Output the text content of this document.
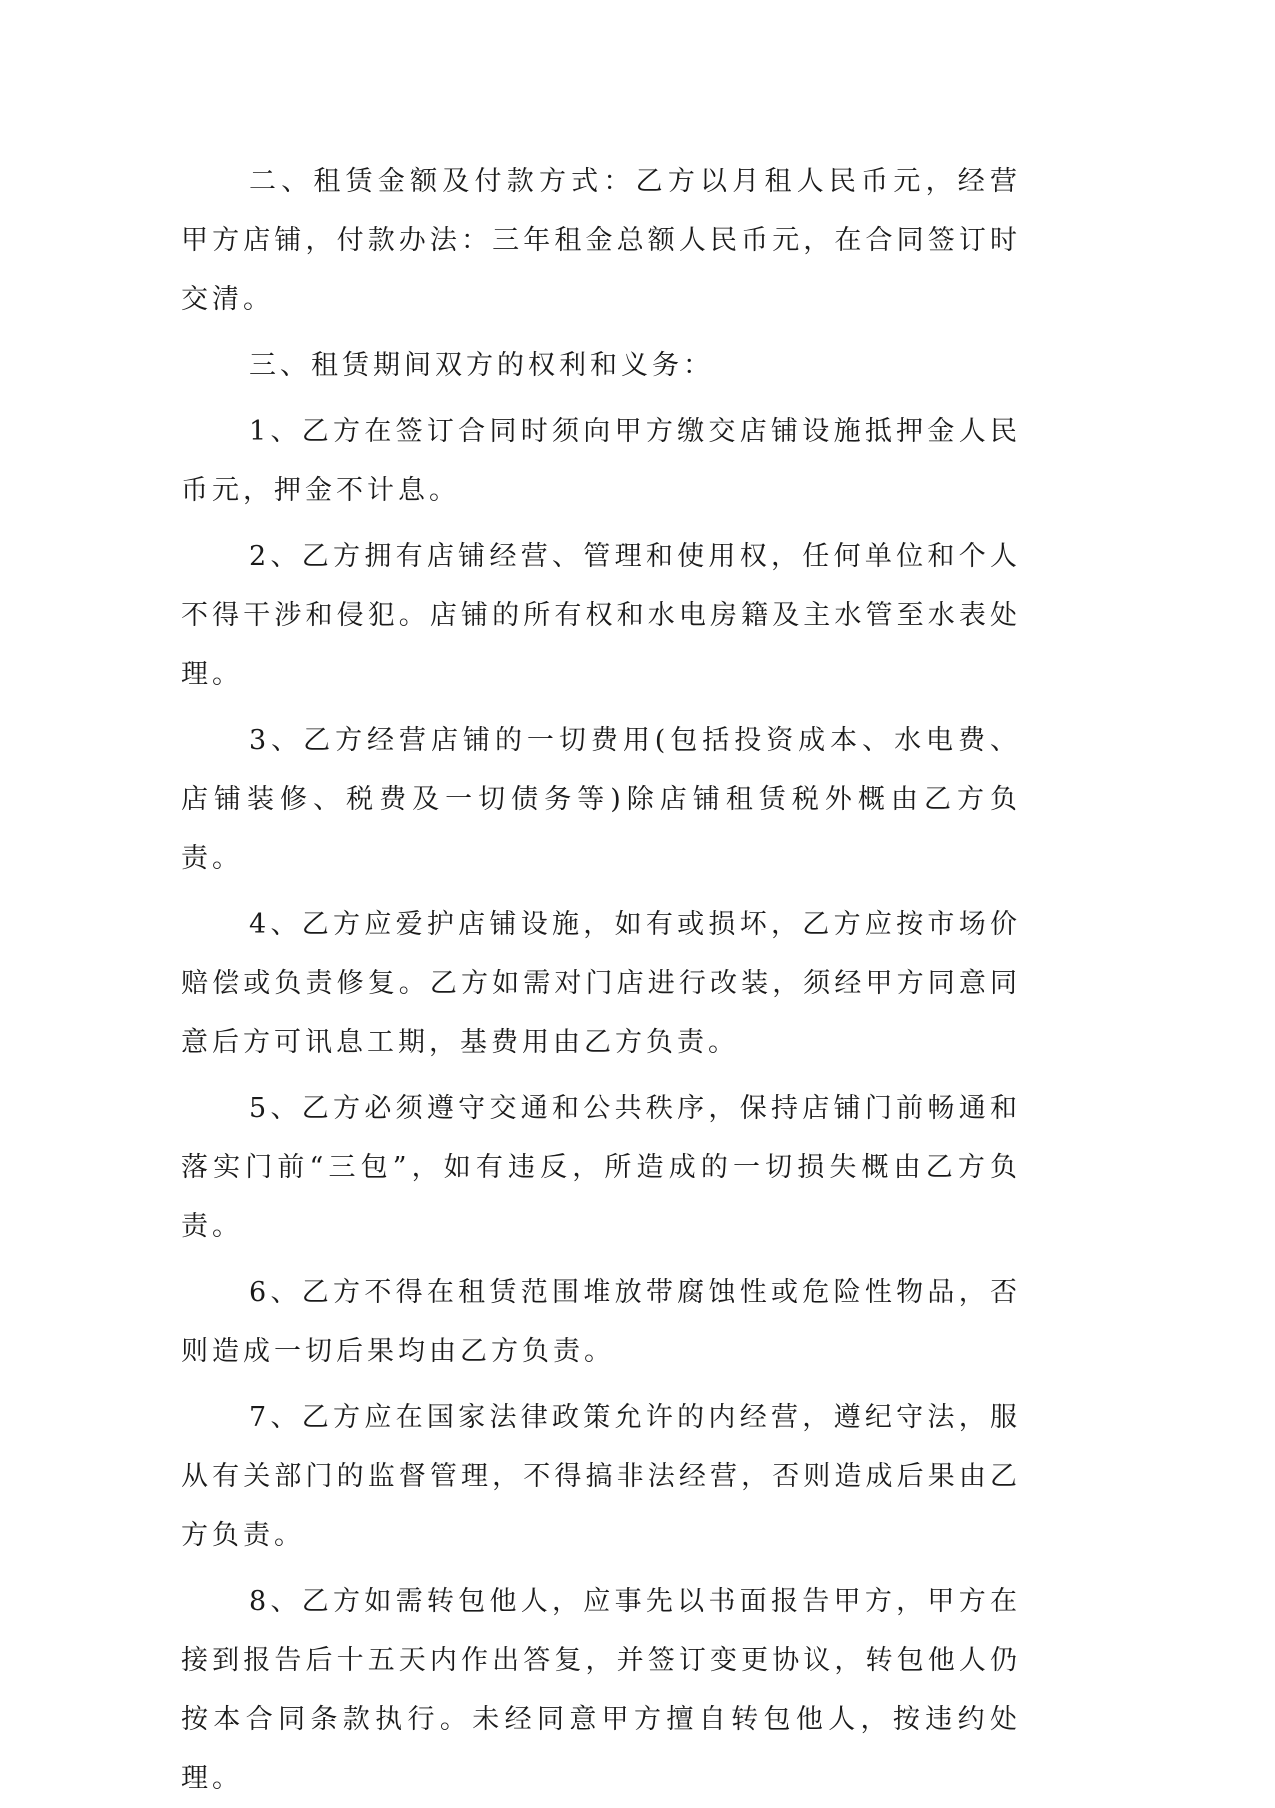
二、租赁金额及付款方式：乙方以月租人民币元，经营甲方店铺，付款办法：三年租金总额人民币元，在合同签订时交清。

三、租赁期间双方的权利和义务：

1、乙方在签订合同时须向甲方缴交店铺设施抵押金人民币元，押金不计息。

2、乙方拥有店铺经营、管理和使用权，任何单位和个人不得干涉和侵犯。店铺的所有权和水电房籍及主水管至水表处理。

3、乙方经营店铺的一切费用(包括投资成本、水电费、店铺装修、税费及一切债务等)除店铺租赁税外概由乙方负责。

4、乙方应爱护店铺设施，如有或损坏，乙方应按市场价赔偿或负责修复。乙方如需对门店进行改装，须经甲方同意同意后方可讯息工期，基费用由乙方负责。

5、乙方必须遵守交通和公共秩序，保持店铺门前畅通和落实门前“三包”，如有违反，所造成的一切损失概由乙方负责。

6、乙方不得在租赁范围堆放带腐蚀性或危险性物品，否则造成一切后果均由乙方负责。

7、乙方应在国家法律政策允许的内经营，遵纪守法，服从有关部门的监督管理，不得搞非法经营，否则造成后果由乙方负责。

8、乙方如需转包他人，应事先以书面报告甲方，甲方在接到报告后十五天内作出答复，并签订变更协议，转包他人仍按本合同条款执行。未经同意甲方擅自转包他人，按违约处理。
